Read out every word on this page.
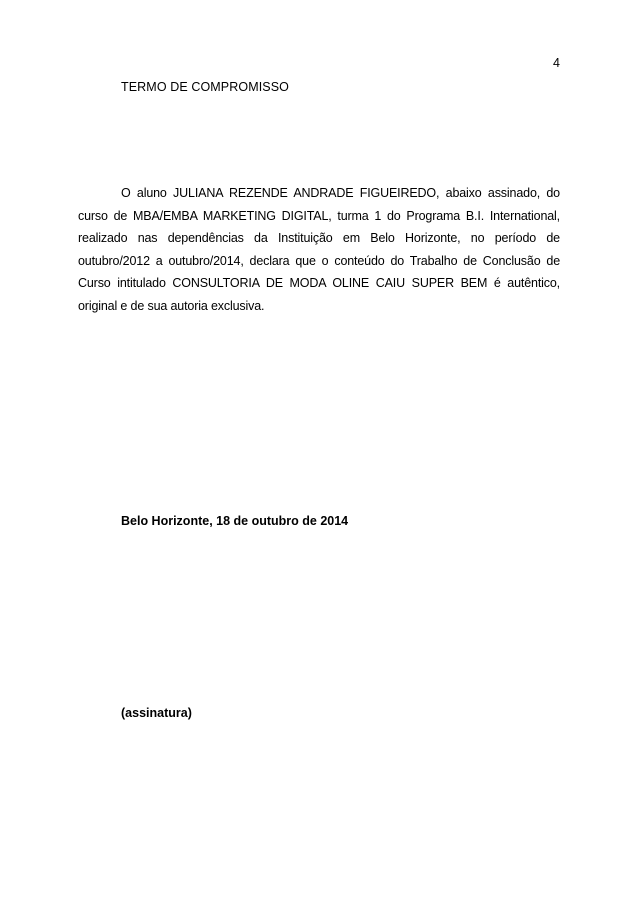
4
TERMO DE COMPROMISSO

O aluno JULIANA REZENDE ANDRADE FIGUEIREDO, abaixo assinado, do curso de MBA/EMBA MARKETING DIGITAL, turma 1 do Programa B.I. International, realizado nas dependências da Instituição em Belo Horizonte, no período de outubro/2012 a outubro/2014, declara que o conteúdo do Trabalho de Conclusão de Curso intitulado CONSULTORIA DE MODA OLINE CAIU SUPER BEM é autêntico, original e de sua autoria exclusiva.

Belo Horizonte, 18 de outubro de 2014
(assinatura)
